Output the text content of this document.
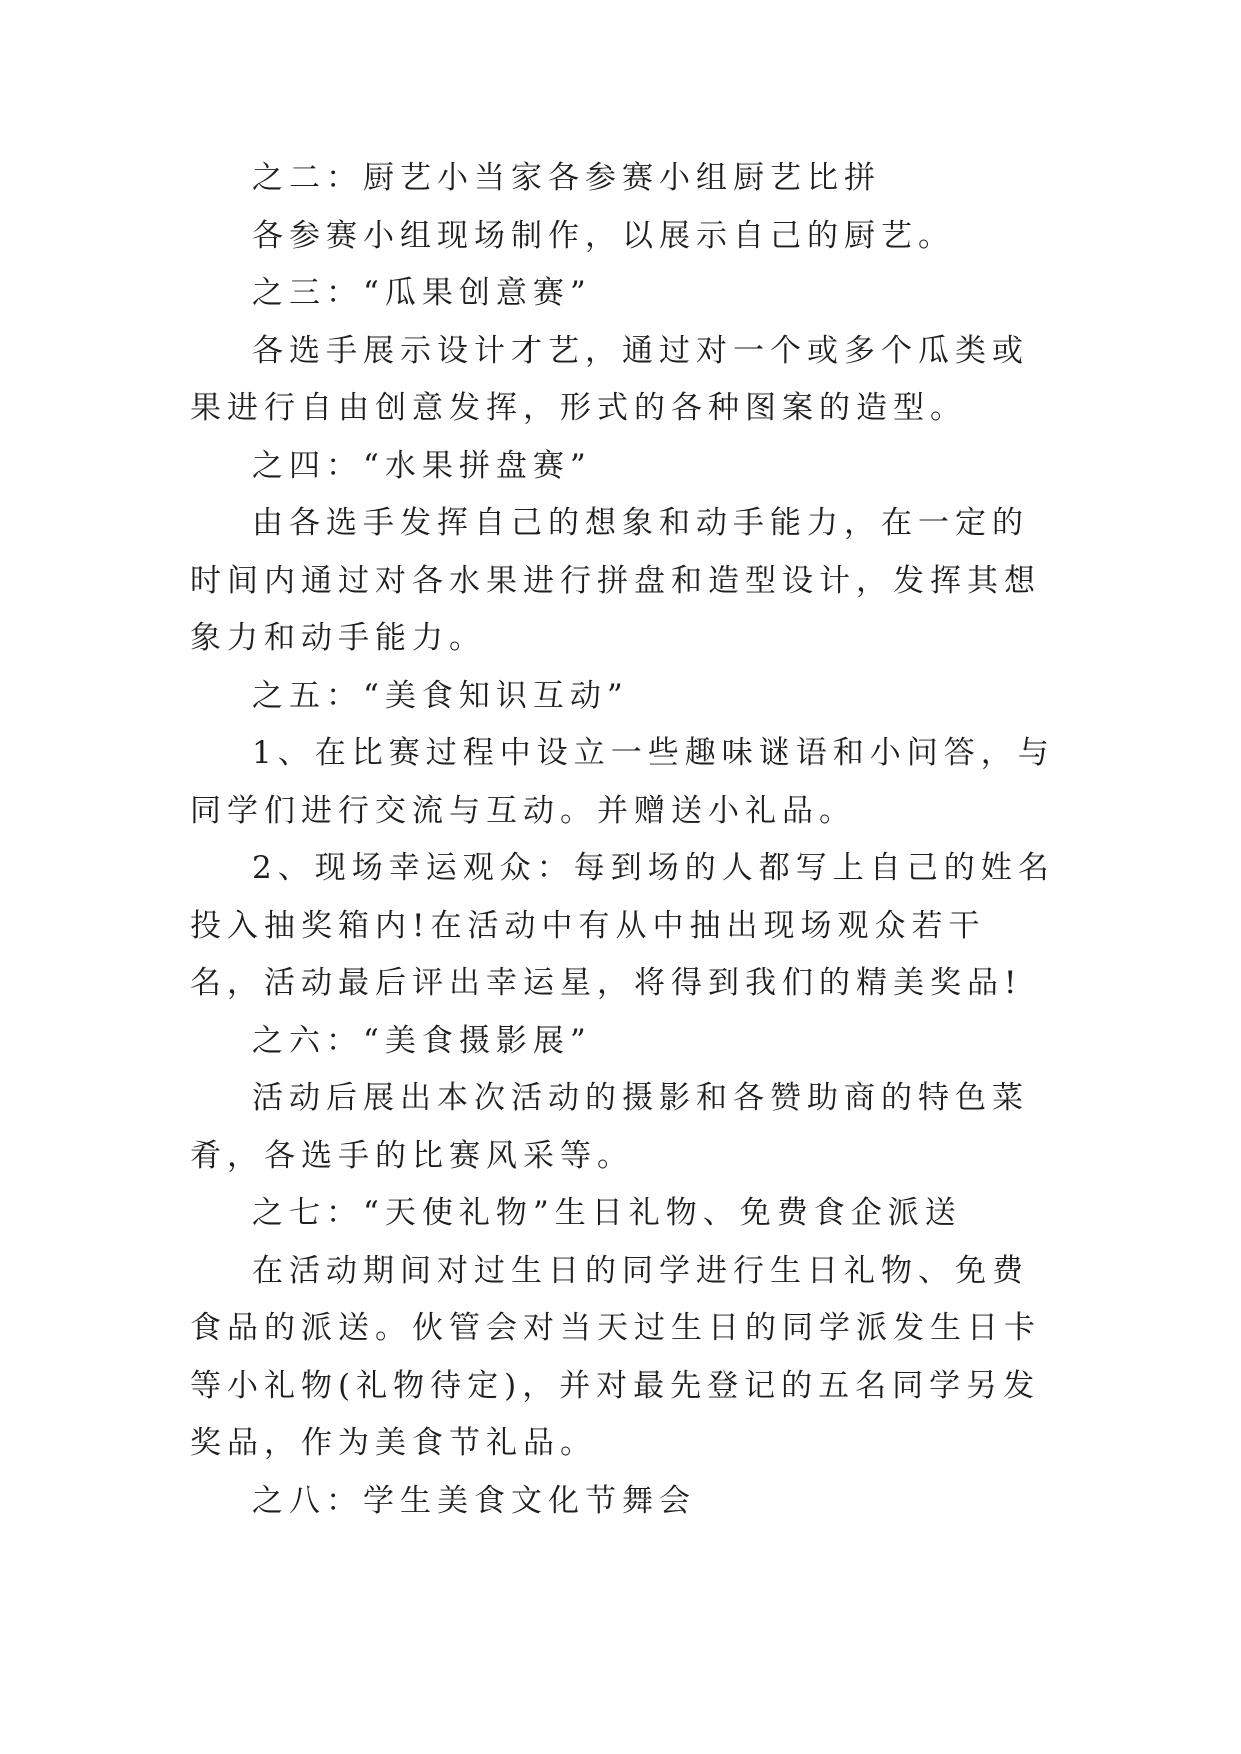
之二：厨艺小当家各参赛小组厨艺比拼

各参赛小组现场制作，以展示自己的厨艺。

之三：“瓜果创意赛”

各选手展示设计才艺，通过对一个或多个瓜类或果进行自由创意发挥，形式的各种图案的造型。

之四：“水果拼盘赛”

由各选手发挥自己的想象和动手能力，在一定的时间内通过对各水果进行拼盘和造型设计，发挥其想象力和动手能力。

之五：“美食知识互动”

1、在比赛过程中设立一些趣味谜语和小问答，与同学们进行交流与互动。并赠送小礼品。

2、现场幸运观众：每到场的人都写上自己的姓名投入抽奖箱内!在活动中有从中抽出现场观众若干名，活动最后评出幸运星，将得到我们的精美奖品!

之六：“美食摄影展”

活动后展出本次活动的摄影和各赞助商的特色菜肴，各选手的比赛风采等。

之七：“天使礼物”生日礼物、免费食企派送

在活动期间对过生日的同学进行生日礼物、免费食品的派送。伙管会对当天过生日的同学派发生日卡等小礼物(礼物待定)，并对最先登记的五名同学另发奖品，作为美食节礼品。

之八：学生美食文化节舞会
